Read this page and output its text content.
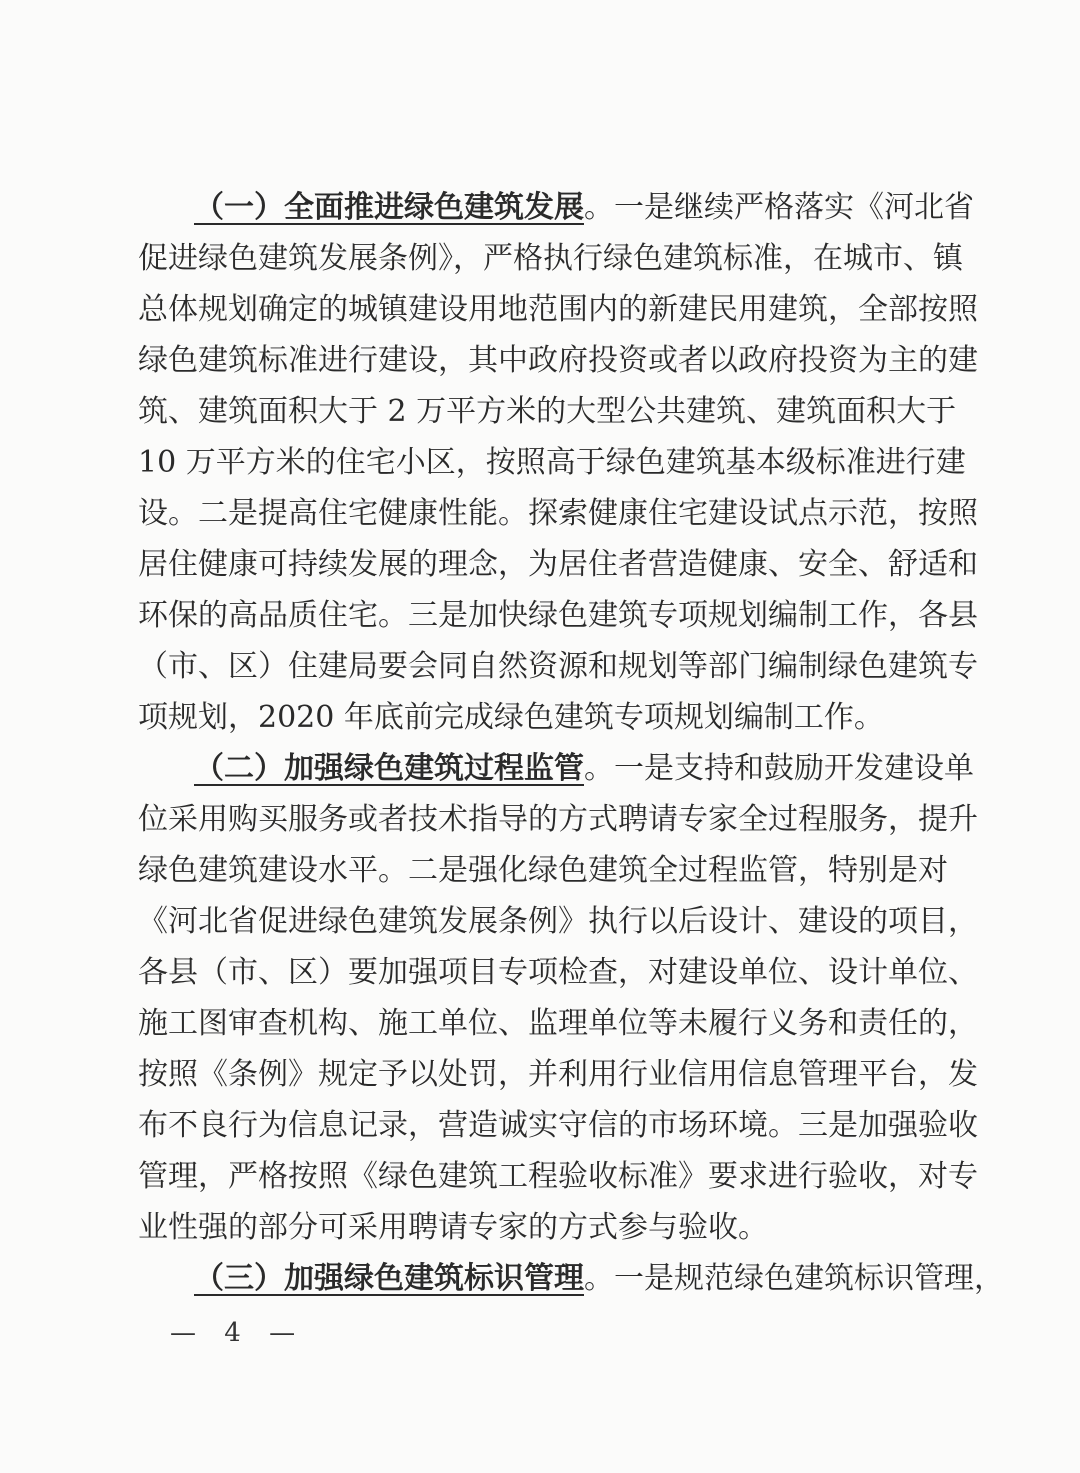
（一）全面推进绿色建筑发展。一是继续严格落实《河北省
促进绿色建筑发展条例》，严格执行绿色建筑标准，在城市、镇
总体规划确定的城镇建设用地范围内的新建民用建筑，全部按照
绿色建筑标准进行建设，其中政府投资或者以政府投资为主的建
筑、建筑面积大于 2 万平方米的大型公共建筑、建筑面积大于
10 万平方米的住宅小区，按照高于绿色建筑基本级标准进行建
设。二是提高住宅健康性能。探索健康住宅建设试点示范，按照
居住健康可持续发展的理念，为居住者营造健康、安全、舒适和
环保的高品质住宅。三是加快绿色建筑专项规划编制工作，各县
（市、区）住建局要会同自然资源和规划等部门编制绿色建筑专
项规划，2020 年底前完成绿色建筑专项规划编制工作。
（二）加强绿色建筑过程监管。一是支持和鼓励开发建设单
位采用购买服务或者技术指导的方式聘请专家全过程服务，提升
绿色建筑建设水平。二是强化绿色建筑全过程监管，特别是对
《河北省促进绿色建筑发展条例》执行以后设计、建设的项目，
各县（市、区）要加强项目专项检查，对建设单位、设计单位、
施工图审查机构、施工单位、监理单位等未履行义务和责任的，
按照《条例》规定予以处罚，并利用行业信用信息管理平台，发
布不良行为信息记录，营造诚实守信的市场环境。三是加强验收
管理，严格按照《绿色建筑工程验收标准》要求进行验收，对专
业性强的部分可采用聘请专家的方式参与验收。
（三）加强绿色建筑标识管理。一是规范绿色建筑标识管理，
— 4 —
